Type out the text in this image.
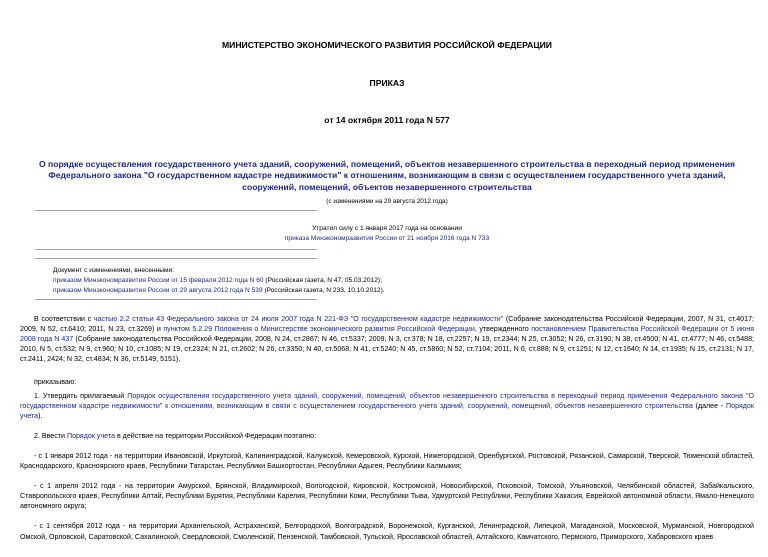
МИНИСТЕРСТВО ЭКОНОМИЧЕСКОГО РАЗВИТИЯ РОССИЙСКОЙ ФЕДЕРАЦИИ
ПРИКАЗ
от 14 октября 2011 года N 577
О порядке осуществления государственного учета зданий, сооружений, помещений, объектов незавершенного строительства в переходный период применения Федерального закона "О государственном кадастре недвижимости" к отношениям, возникающим в связи с осуществлением государственного учета зданий, сооружений, помещений, объектов незавершенного строительства
(с изменениями на 29 августа 2012 года)
Утратил силу с 1 января 2017 года на основании
приказа Минэкономразвития России от 21 ноября 2016 года N 733
Документ с изменениями, внесенными:
приказом Минэкономразвития России от 15 февраля 2012 года N 60 (Российская газета, N 47, 05.03.2012);
приказом Минэкономразвития России от 29 августа 2012 года N 539 (Российская газета, N 233, 10.10.2012).
В соответствии с частью 2.2 статьи 43 Федерального закона от 24 июля 2007 года N 221-ФЗ "О государственном кадастре недвижимости" (Собрание законодательства Российской Федерации, 2007, N 31, ст.4017; 2009, N 52, ст.6410; 2011, N 23, ст.3269) и пунктом 5.2.29 Положения о Министерстве экономического развития Российской Федерации, утвержденного постановлением Правительства Российской Федерации от 5 июня 2008 года N 437 (Собрание законодательства Российской Федерации, 2008, N 24, ст.2867; N 46, ст.5337; 2009, N 3, ст.378; N 18, ст.2257; N 19, ст.2344; N 25, ст.3052; N 26, ст.3190; N 38, ст.4500; N 41, ст.4777; N 46, ст.5488; 2010, N 5, ст.532; N 9, ст.960; N 10, ст.1085; N 19, ст.2324; N 21, ст.2602; N 26, ст.3350; N 40, ст.5068; N 41, ст.5240; N 45, ст.5860; N 52, ст.7104; 2011, N 6, ст.888; N 9, ст.1251; N 12, ст.1640; N 14, ст.1935; N 15, ст.2131; N 17, ст.2411, 2424; N 32, ст.4834; N 36, ст.5149, 5151),
приказываю:
1. Утвердить прилагаемый Порядок осуществления государственного учета зданий, сооружений, помещений, объектов незавершенного строительства в переходный период применения Федерального закона "О государственном кадастре недвижимости" к отношениям, возникающим в связи с осуществлением государственного учета зданий, сооружений, помещений, объектов незавершенного строительства (далее - Порядок учета).
2. Ввести Порядок учета в действие на территории Российской Федерации поэтапно:
- с 1 января 2012 года - на территории Ивановской, Иркутской, Калининградской, Калужской, Кемеровской, Курской, Нижегородской, Оренбургской, Ростовской, Рязанской, Самарской, Тверской, Тюменской областей, Краснодарского, Красноярского краев, Республики Татарстан, Республики Башкортостан, Республики Адыгея, Республики Калмыкия;
- с 1 апреля 2012 года - на территории Амурской, Брянской, Владимирской, Вологодской, Кировской, Костромской, Новосибирской, Псковской, Томской, Ульяновской, Челябинской областей, Забайкальского, Ставропольского краев, Республики Алтай, Республики Бурятия, Республики Карелия, Республики Коми, Республики Тыва, Удмуртской Республики, Республики Хакасия, Еврейской автономной области, Ямало-Ненецкого автономного округа;
- с 1 сентября 2012 года - на территории Архангельской, Астраханской, Белгородской, Волгоградской, Воронежской, Курганской, Ленинградской, Липецкой, Магаданской, Московской, Мурманской, Новгородской Омской, Орловской, Саратовской, Сахалинской, Свердловской, Смоленской, Пензенской, Тамбовской, Тульской, Ярославской областей, Алтайского, Камчатского, Пермского, Приморского, Хабаровского краев
